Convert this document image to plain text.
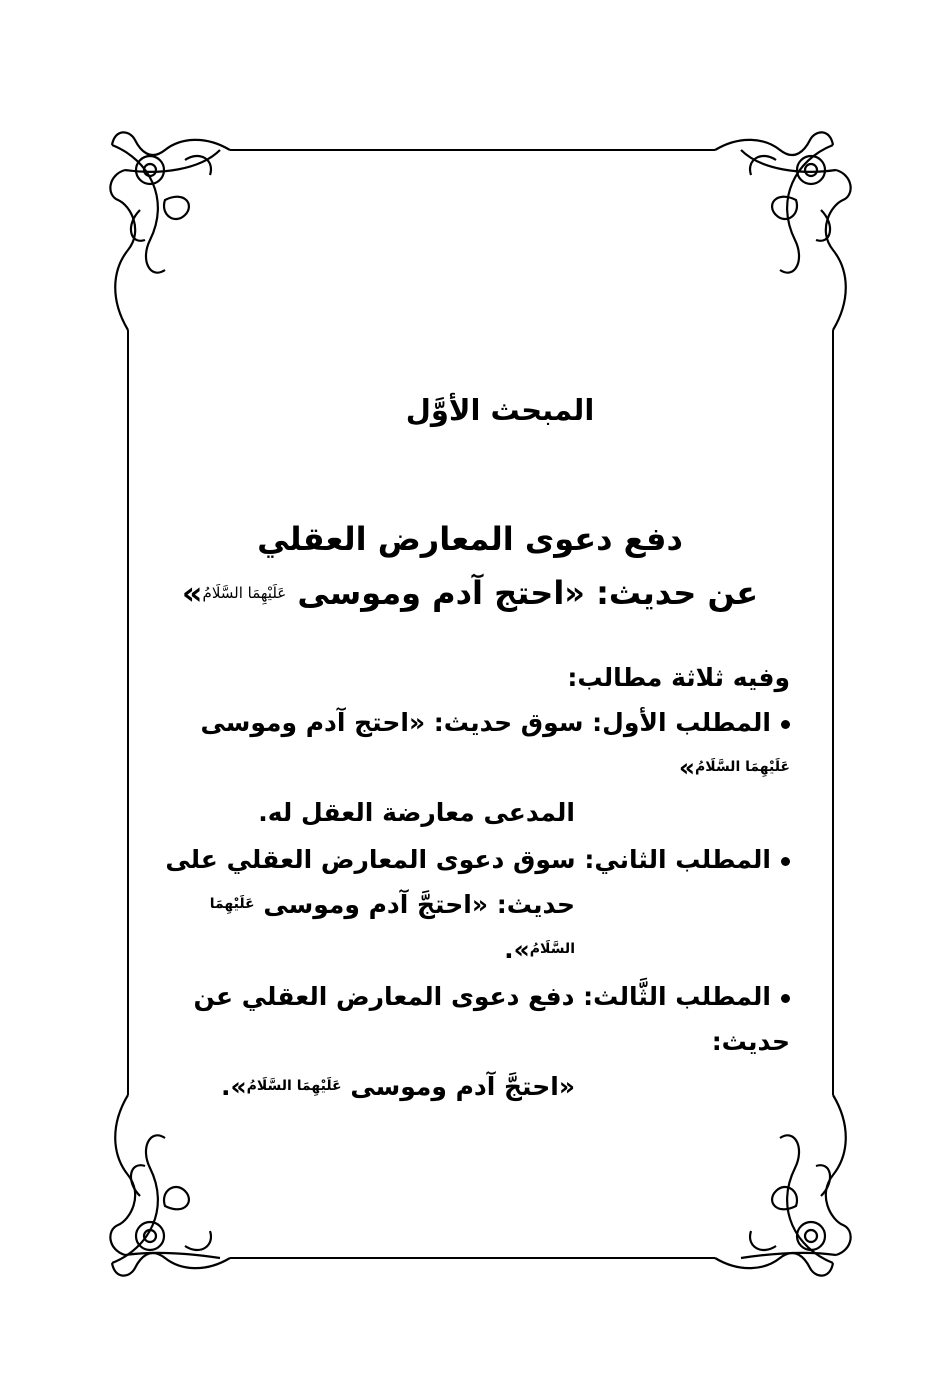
المبحث الأوَّل
دفع دعوى المعارض العقلي
عن حديث: «احتج آدم وموسى عَلَيْهِمَا السَّلَامُ»
وفيه ثلاثة مطالب:
المطلب الأول: سوق حديث: «احتج آدم وموسى $^{عَلَيْهِمَا السَّلَامُ}$»
المدعى معارضة العقل له.
المطلب الثاني: سوق دعوى المعارض العقلي على
حديث: «احتجَّ آدم وموسى $^{عَلَيْهِمَا السَّلَامُ}$».
المطلب الثَّالث: دفع دعوى المعارض العقلي عن حديث:
«احتجَّ آدم وموسى $^{عَلَيْهِمَا السَّلَامُ}$».
